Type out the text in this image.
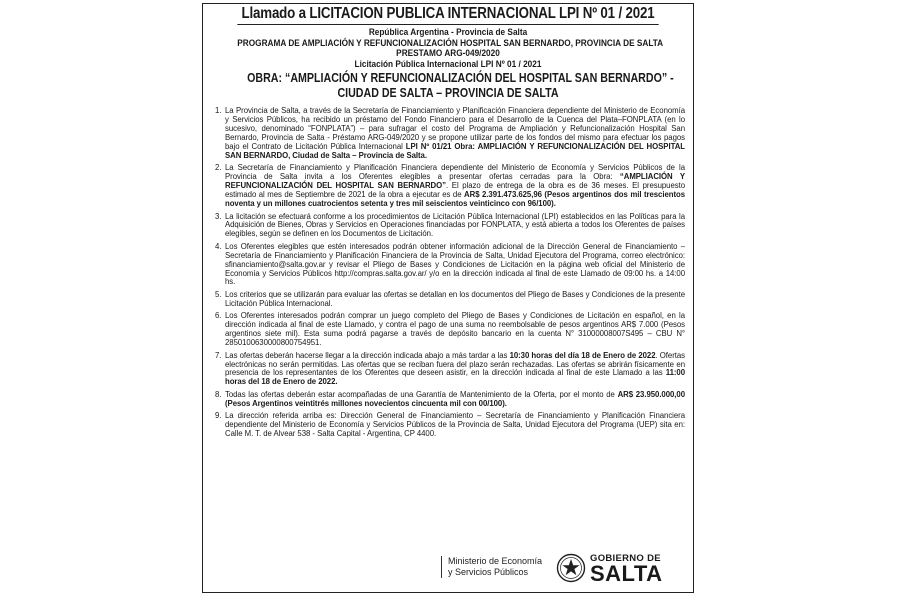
Llamado a LICITACION PUBLICA INTERNACIONAL LPI Nº 01 / 2021
República Argentina - Provincia de Salta
PROGRAMA DE AMPLIACIÓN Y REFUNCIONALIZACIÓN HOSPITAL SAN BERNARDO, PROVINCIA DE SALTA
PRESTAMO ARG-049/2020
Licitación Pública Internacional LPI Nº 01 / 2021
OBRA: “AMPLIACIÓN Y REFUNCIONALIZACIÓN DEL HOSPITAL SAN BERNARDO” -
CIUDAD DE SALTA – PROVINCIA DE SALTA
1. La Provincia de Salta, a través de la Secretaría de Financiamiento y Planificación Financiera dependiente del Ministerio de Economía y Servicios Públicos, ha recibido un préstamo del Fondo Financiero para el Desarrollo de la Cuenca del Plata–FONPLATA (en lo sucesivo, denominado “FONPLATA”) – para sufragar el costo del Programa de Ampliación y Refuncionalización Hospital San Bernardo, Provincia de Salta - Préstamo ARG-049/2020 y se propone utilizar parte de los fondos del mismo para efectuar los pagos bajo el Contrato de Licitación Pública Internacional LPI Nº 01/21 Obra: AMPLIACIÓN Y REFUNCIONALIZACIÓN DEL HOSPITAL SAN BERNARDO, Ciudad de Salta – Provincia de Salta.
2. La Secretaría de Financiamiento y Planificación Financiera dependiente del Ministerio de Economía y Servicios Públicos de la Provincia de Salta invita a los Oferentes elegibles a presentar ofertas cerradas para la Obra: “AMPLIACIÓN Y REFUNCIONALIZACIÓN DEL HOSPITAL SAN BERNARDO”. El plazo de entrega de la obra es de 36 meses. El presupuesto estimado al mes de Septiembre de 2021 de la obra a ejecutar es de AR$ 2.391.473.625,96 (Pesos argentinos dos mil trescientos noventa y un millones cuatrocientos setenta y tres mil seiscientos veinticinco con 96/100).
3. La licitación se efectuará conforme a los procedimientos de Licitación Pública Internacional (LPI) establecidos en las Políticas para la Adquisición de Bienes, Obras y Servicios en Operaciones financiadas por FONPLATA, y está abierta a todos los Oferentes de países elegibles, según se definen en los Documentos de Licitación.
4. Los Oferentes elegibles que estén interesados podrán obtener información adicional de la Dirección General de Financiamiento – Secretaría de Financiamiento y Planificación Financiera de la Provincia de Salta, Unidad Ejecutora del Programa, correo electrónico: sfinanciamiento@salta.gov.ar y revisar el Pliego de Bases y Condiciones de Licitación en la página web oficial del Ministerio de Economía y Servicios Públicos http://compras.salta.gov.ar/ y/o en la dirección indicada al final de este Llamado de 09:00 hs. a 14:00 hs.
5. Los criterios que se utilizarán para evaluar las ofertas se detallan en los documentos del Pliego de Bases y Condiciones de la presente Licitación Pública Internacional.
6. Los Oferentes interesados podrán comprar un juego completo del Pliego de Bases y Condiciones de Licitación en español, en la dirección indicada al final de este Llamado, y contra el pago de una suma no reembolsable de pesos argentinos AR$ 7.000 (Pesos argentinos siete mil). Esta suma podrá pagarse a través de depósito bancario en la cuenta N° 31000008007S495 – CBU N° 2850100630000800754951.
7. Las ofertas deberán hacerse llegar a la dirección indicada abajo a más tardar a las 10:30 horas del día 18 de Enero de 2022. Ofertas electrónicas no serán permitidas. Las ofertas que se reciban fuera del plazo serán rechazadas. Las ofertas se abrirán físicamente en presencia de los representantes de los Oferentes que deseen asistir, en la dirección indicada al final de este Llamado a las 11:00 horas del 18 de Enero de 2022.
8. Todas las ofertas deberán estar acompañadas de una Garantía de Mantenimiento de la Oferta, por el monto de AR$ 23.950.000,00 (Pesos Argentinos veintitrés millones novecientos cincuenta mil con 00/100).
9. La dirección referida arriba es: Dirección General de Financiamiento – Secretaría de Financiamiento y Planificación Financiera dependiente del Ministerio de Economía y Servicios Públicos de la Provincia de Salta, Unidad Ejecutora del Programa (UEP) sita en: Calle M. T. de Alvear 538 - Salta Capital - Argentina, CP 4400.
Ministerio de Economía
y Servicios Públicos
GOBIERNO DE
SALTA
